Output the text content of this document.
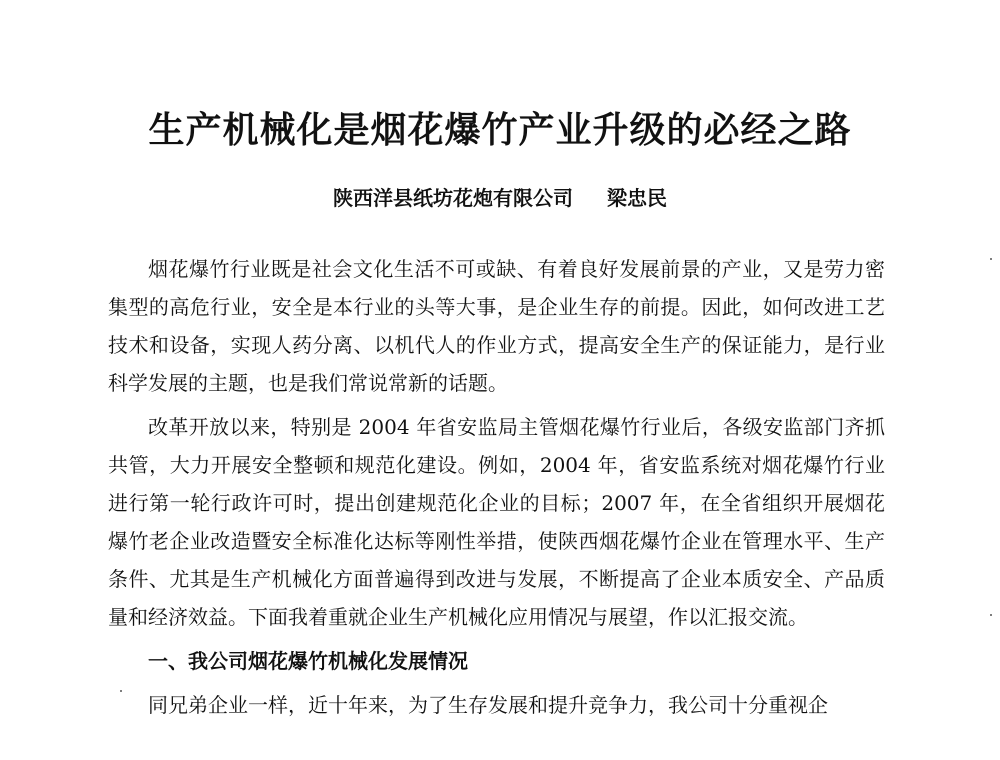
生产机械化是烟花爆竹产业升级的必经之路
陕西洋县纸坊花炮有限公司 梁忠民

烟花爆竹行业既是社会文化生活不可或缺、有着良好发展前景的产业，又是劳力密集型的高危行业，安全是本行业的头等大事，是企业生存的前提。因此，如何改进工艺技术和设备，实现人药分离、以机代人的作业方式，提高安全生产的保证能力，是行业科学发展的主题，也是我们常说常新的话题。

改革开放以来，特别是 2004 年省安监局主管烟花爆竹行业后，各级安监部门齐抓共管，大力开展安全整顿和规范化建设。例如，2004 年，省安监系统对烟花爆竹行业进行第一轮行政许可时，提出创建规范化企业的目标；2007 年，在全省组织开展烟花爆竹老企业改造暨安全标准化达标等刚性举措，使陕西烟花爆竹企业在管理水平、生产条件、尤其是生产机械化方面普遍得到改进与发展，不断提高了企业本质安全、产品质量和经济效益。下面我着重就企业生产机械化应用情况与展望，作以汇报交流。

一、我公司烟花爆竹机械化发展情况

同兄弟企业一样，近十年来，为了生存发展和提升竞争力，我公司十分重视企
